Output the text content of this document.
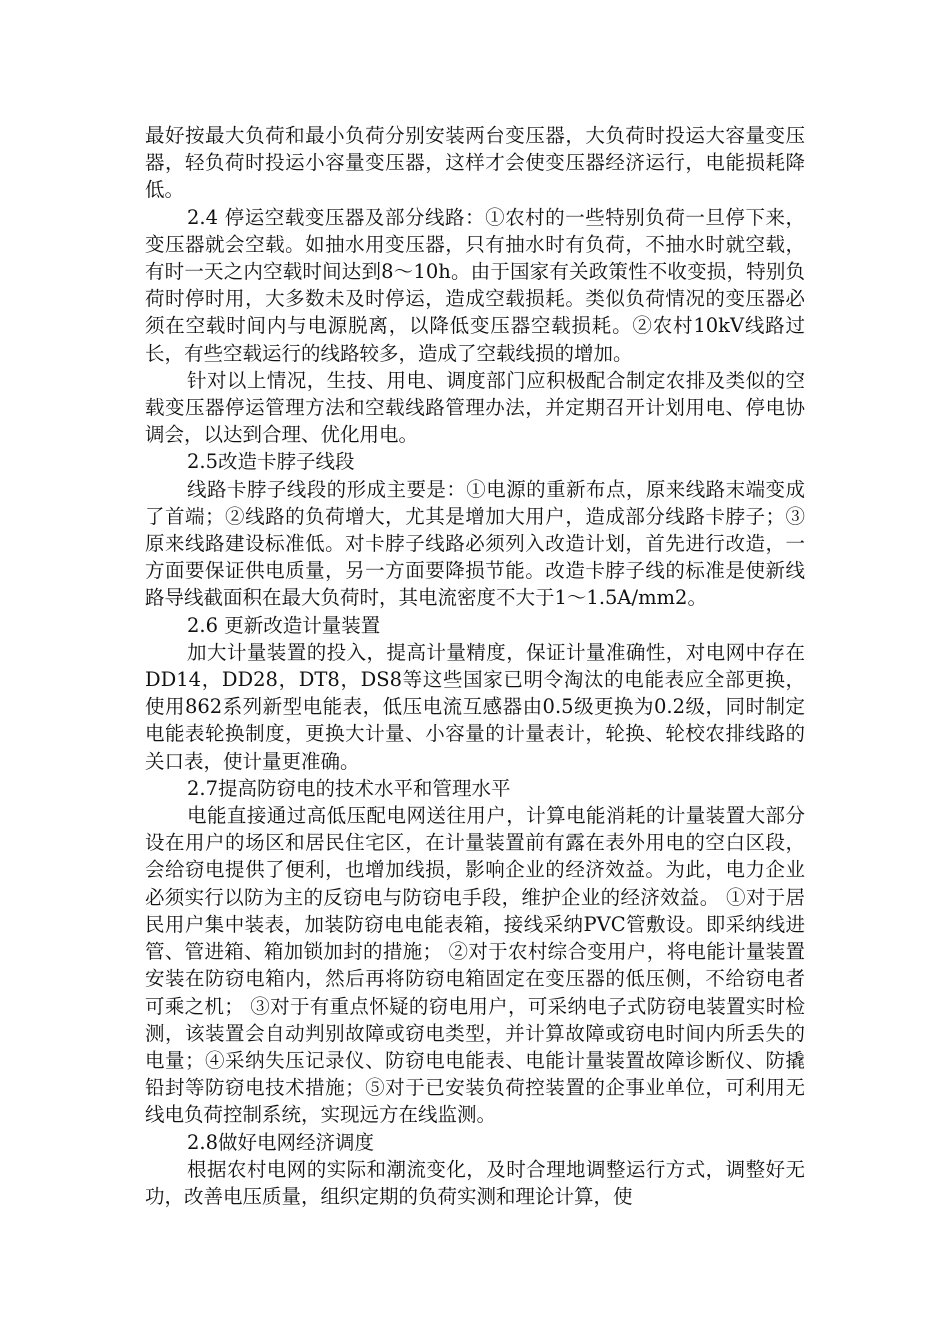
最好按最大负荷和最小负荷分别安装两台变压器，大负荷时投运大容量变压器，轻负荷时投运小容量变压器，这样才会使变压器经济运行，电能损耗降低。

2.4 停运空载变压器及部分线路：①农村的一些特别负荷一旦停下来，变压器就会空载。如抽水用变压器，只有抽水时有负荷，不抽水时就空载，有时一天之内空载时间达到8～10h。由于国家有关政策性不收变损，特别负荷时停时用，大多数未及时停运，造成空载损耗。类似负荷情况的变压器必须在空载时间内与电源脱离，以降低变压器空载损耗。②农村10kV线路过长，有些空载运行的线路较多，造成了空载线损的增加。

针对以上情况，生技、用电、调度部门应积极配合制定农排及类似的空载变压器停运管理方法和空载线路管理办法，并定期召开计划用电、停电协调会，以达到合理、优化用电。

2.5改造卡脖子线段

线路卡脖子线段的形成主要是：①电源的重新布点，原来线路末端变成了首端；②线路的负荷增大，尤其是增加大用户，造成部分线路卡脖子；③原来线路建设标准低。对卡脖子线路必须列入改造计划，首先进行改造，一方面要保证供电质量，另一方面要降损节能。改造卡脖子线的标准是使新线路导线截面积在最大负荷时，其电流密度不大于1～1.5A/mm2。

2.6 更新改造计量装置

加大计量装置的投入，提高计量精度，保证计量准确性，对电网中存在DD14，DD28，DT8，DS8等这些国家已明令淘汰的电能表应全部更换，使用862系列新型电能表，低压电流互感器由0.5级更换为0.2级，同时制定电能表轮换制度，更换大计量、小容量的计量表计，轮换、轮校农排线路的关口表，使计量更准确。

2.7提高防窃电的技术水平和管理水平

电能直接通过高低压配电网送往用户，计算电能消耗的计量装置大部分设在用户的场区和居民住宅区，在计量装置前有露在表外用电的空白区段，会给窃电提供了便利，也增加线损，影响企业的经济效益。为此，电力企业必须实行以防为主的反窃电与防窃电手段，维护企业的经济效益。 ①对于居民用户集中装表，加装防窃电电能表箱，接线采纳PVC管敷设。即采纳线进管、管进箱、箱加锁加封的措施； ②对于农村综合变用户，将电能计量装置安装在防窃电箱内，然后再将防窃电箱固定在变压器的低压侧，不给窃电者可乘之机； ③对于有重点怀疑的窃电用户，可采纳电子式防窃电装置实时检测，该装置会自动判别故障或窃电类型，并计算故障或窃电时间内所丢失的电量；④采纳失压记录仪、防窃电电能表、电能计量装置故障诊断仪、防撬铅封等防窃电技术措施；⑤对于已安装负荷控装置的企事业单位，可利用无线电负荷控制系统，实现远方在线监测。

2.8做好电网经济调度

根据农村电网的实际和潮流变化，及时合理地调整运行方式，调整好无功，改善电压质量，组织定期的负荷实测和理论计算，使
